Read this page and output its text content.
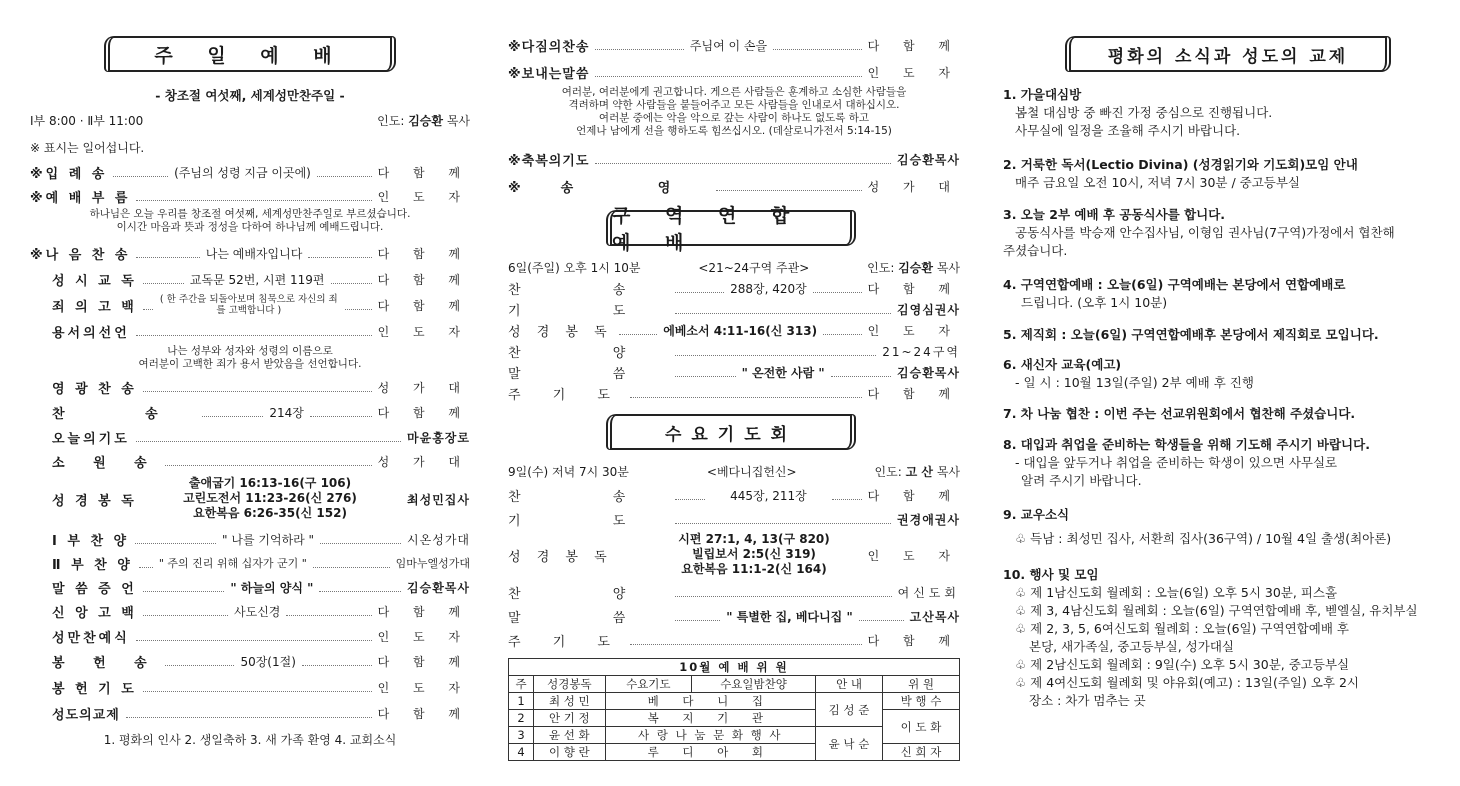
주 일 예 배
- 창조절 여섯째, 세계성만찬주일 -
Ⅰ부 8:00 · Ⅱ부 11:00	인도:
김승환
목사
※ 표시는 일어섭니다.
※입 례 송	(주님의 성령 지금 이곳에)	다 함 께
※예 배 부 름	인 도 자
하나님은 오늘 우리를 창조절 여섯째, 세계성만찬주일로 부르셨습니다.
이시간 마음과 뜻과 정성을 다하여 하나님께 예배드립니다.
※나 음 찬 송	나는 예배자입니다	다 함 께
성 시 교 독	교독문 52번, 시편 119편	다 함 께
죄 의 고 백 ( 한 주간을 되돌아보며 침묵으로 자신의 죄를 고백합니다 )	다 함 께
용서의선언	인 도 자
나는 성부와 성자와 성령의 이름으로
여러분이 고백한 죄가 용서 받았음을 선언합니다.
영 광 찬 송	성 가 대
찬 송	214장	다 함 께
오늘의기도	마윤홍장로
소 원 송	성 가 대
성 경 봉 독	최성민집사
출애굽기 16:13-16(구 106)
고린도전서 11:23-26(신 276)
요한복음 6:26-35(신 152)
Ⅰ 부 찬 양	" 나를 기억하라 "	시온성가대
Ⅱ 부 찬 양 " 주의 진리 위해 십자가 군기 "	임마누엘성가대
말 씀 증 언	" 하늘의 양식 "	김승환목사
신 앙 고 백	사도신경	다 함 께
성만찬예식	인 도 자
봉 헌 송	50장(1절)	다 함 께
봉 헌 기 도	인 도 자
성도의교제	다 함 께
1. 평화의 인사 2. 생일축하 3. 새 가족 환영 4. 교회소식
※다짐의찬송	주님여 이 손을	다 함 께
※보내는말씀	인 도 자
여러분, 여러분에게 권고합니다. 게으른 사람들은 훈계하고 소심한 사람들을
격려하며 약한 사람들을 붙들어주고 모든 사람들을 인내로서 대하십시오.
여러분 중에는 악을 악으로 갚는 사람이 하나도 없도록 하고
언제나 남에게 선을 행하도록 힘쓰십시오. (데살로니가전서 5:14-15)
※축복의기도	김승환목사
※송 영	성 가 대
구 역 연 합 예 배
6일(주일) 오후 1시 10분	<21~24구역 주관>	인도:
김승환
목사
찬 송	288장, 420장	다 함 께
기 도	김영심권사
성 경 봉 독	에베소서 4:11-16(신 313)	인 도 자
찬 양	21~24구역
말 씀	" 온전한 사람 "	김승환목사
주 기 도	다 함 께
수요기도회
9일(수) 저녁 7시 30분	<베다니집헌신>	인도:
고 산
목사
찬 송	445장, 211장	다 함 께
기 도	권경애권사
시편 27:1, 4, 13(구 820)
빌립보서 2:5(신 319)
요한복음 11:1-2(신 164)
성 경 봉 독	인 도 자
찬 양	여신도회
말 씀	" 특별한 집, 베다니집 "	고산목사
주 기 도	다 함 께
10월 예 배 위 원					
주	성경봉독	수요기도	수요일밤찬양	안 내	위 원
1	최 성 민	베 다 니 집		김 성 준	박 행 수
2	안 기 정	복 지 기 관			이 도 화
3	윤 선 화	사 랑 나 눔 문 화 행 사		윤 낙 순	
4	이 향 란	루 디 아 회			신 희 자
평화의 소식과 성도의 교제
1. 가을대심방
봄철 대심방 중 빠진 가정 중심으로 진행됩니다.
사무실에 일정을 조율해 주시기 바랍니다.
2. 거룩한 독서(Lectio Divina) (성경읽기와 기도회)모임 안내
매주 금요일 오전 10시, 저녁 7시 30분 / 중고등부실
3. 오늘 2부 예배 후 공동식사를 합니다.
공동식사를 박승재 안수집사님, 이형임 권사님(7구역)가정에서 협찬해
주셨습니다.
4. 구역연합예배 : 오늘(6일) 구역예배는 본당에서 연합예배로
드립니다. (오후 1시 10분)
5. 제직회 : 오늘(6일) 구역연합예배후 본당에서 제직회로 모입니다.
6. 새신자 교육(예고)
- 일 시 : 10월 13일(주일) 2부 예배 후 진행
7. 차 나눔 협찬 : 이번 주는 선교위원회에서 협찬해 주셨습니다.
8. 대입과 취업을 준비하는 학생들을 위해 기도해 주시기 바랍니다.
- 대입을 앞두거나 취업을 준비하는 학생이 있으면 사무실로
알려 주시기 바랍니다.
9. 교우소식
♧ 득남 : 최성민 집사, 서환희 집사(36구역) / 10월 4일 출생(최아론)
10. 행사 및 모임
♧ 제 1남신도회 월례회 : 오늘(6일) 오후 5시 30분, 피스홀
♧ 제 3, 4남신도회 월례회 : 오늘(6일) 구역연합예배 후, 벧엘실, 유치부실
♧ 제 2, 3, 5, 6여신도회 월례회 : 오늘(6일) 구역연합예배 후
본당, 새가족실, 중고등부실, 성가대실
♧ 제 2남신도회 월례회 : 9일(수) 오후 5시 30분, 중고등부실
♧ 제 4여신도회 월례회 및 야유회(예고) : 13일(주일) 오후 2시
장소 : 차가 멈추는 곳
